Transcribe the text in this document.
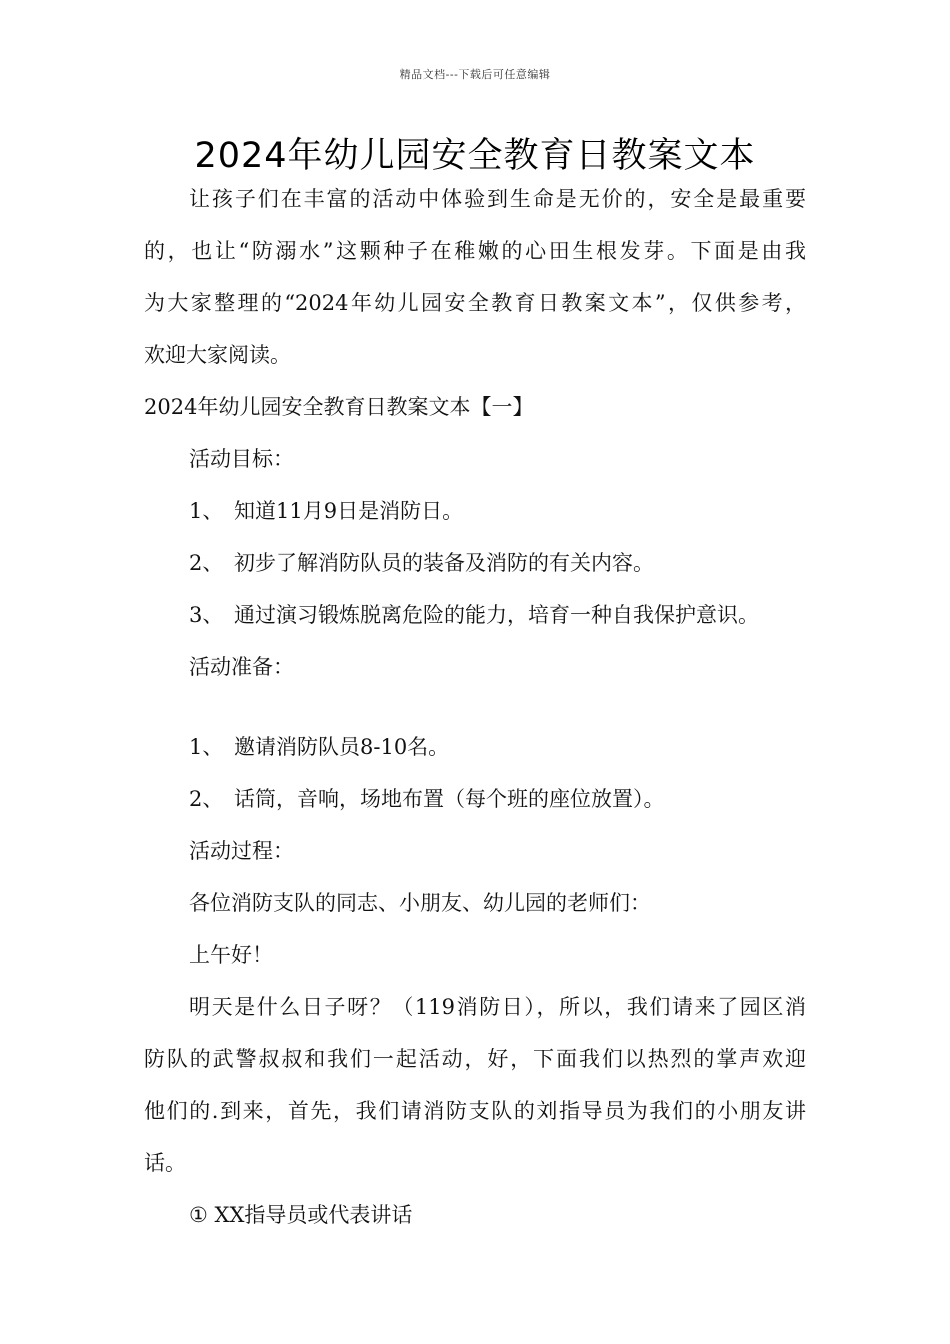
精品文档---下载后可任意编辑
2024年幼儿园安全教育日教案文本
让孩子们在丰富的活动中体验到生命是无价的，安全是最重要
的，也让“防溺水”这颗种子在稚嫩的心田生根发芽。下面是由我
为大家整理的“2024年幼儿园安全教育日教案文本”，仅供参考，
欢迎大家阅读。
2024年幼儿园安全教育日教案文本【一】
活动目标：
1、 知道11月9日是消防日。
2、 初步了解消防队员的装备及消防的有关内容。
3、 通过演习锻炼脱离危险的能力，培育一种自我保护意识。
活动准备：
1、 邀请消防队员8-10名。
2、 话筒，音响，场地布置（每个班的座位放置）。
活动过程：
各位消防支队的同志、小朋友、幼儿园的老师们：
上午好！
明天是什么日子呀？（119消防日），所以，我们请来了园区消
防队的武警叔叔和我们一起活动，好，下面我们以热烈的掌声欢迎
他们的.到来，首先，我们请消防支队的刘指导员为我们的小朋友讲
话。
① XX指导员或代表讲话
